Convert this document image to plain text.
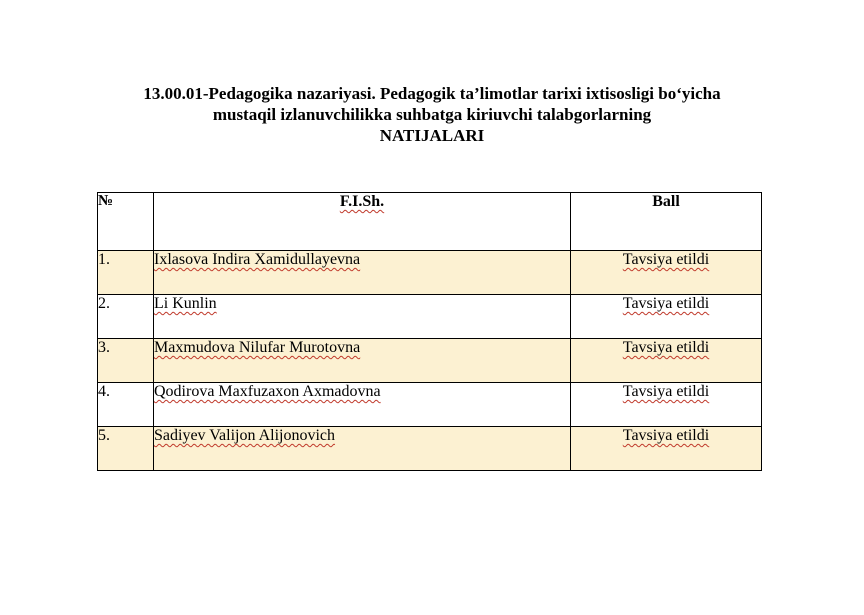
13.00.01-Pedagogika nazariyasi. Pedagogik ta’limotlar tarixi ixtisosligi bo‘yicha
mustaqil izlanuvchilikka suhbatga kiriuvchi talabgorlarning
NATIJALARI
№	F.I.Sh.	Ball
1.	Ixlasova Indira Xamidullayevna	Tavsiya etildi
2.	Li Kunlin	Tavsiya etildi
3.	Maxmudova Nilufar Murotovna	Tavsiya etildi
4.	Qodirova Maxfuzaxon Axmadovna	Tavsiya etildi
5.	Sadiyev Valijon Alijonovich	Tavsiya etildi
